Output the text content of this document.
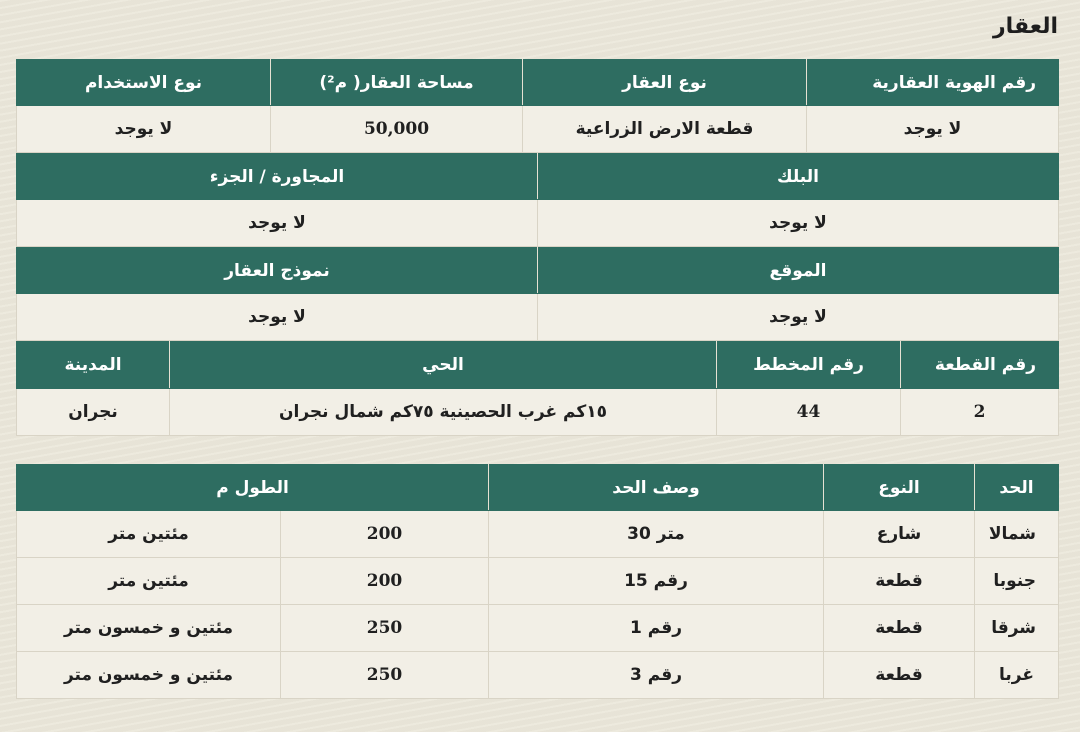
العقار
رقم الهوية العقارية	نوع العقار	مساحة العقار( م²)	نوع الاستخدام
لا يوجد	قطعة الارض الزراعية	50,000	لا يوجد
البلك	المجاورة / الجزء
لا يوجد	لا يوجد
الموقع	نموذج العقار
لا يوجد	لا يوجد
رقم القطعة	رقم المخطط	الحي	المدينة
2	44	١٥كم غرب الحصينية ٧٥كم شمال نجران	نجران
الحد	النوع	وصف الحد	الطول م	
شمالا	شارع	متر 30	200	مئتين متر
جنوبا	قطعة	رقم 15	200	مئتين متر
شرقا	قطعة	رقم 1	250	مئتين و خمسون متر
غربا	قطعة	رقم 3	250	مئتين و خمسون متر
